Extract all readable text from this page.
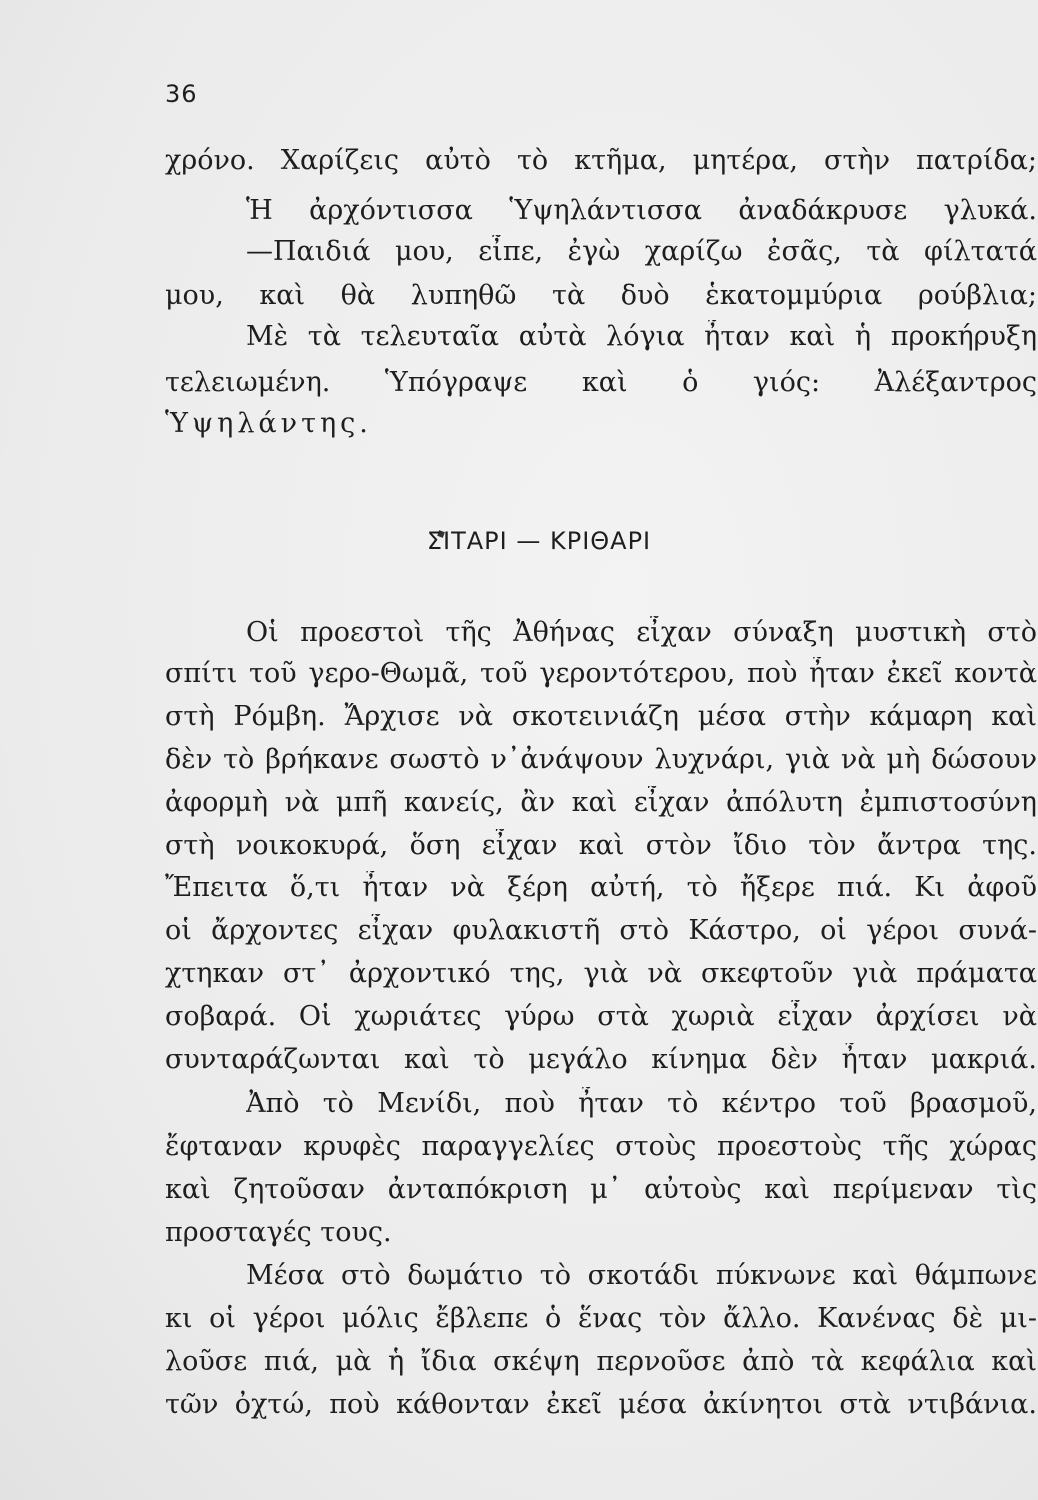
36
χρόνο. Χαρίζεις αὐτὸ τὸ κτῆμα, μητέρα, στὴν πατρίδα;
Ἡ ἀρχόντισσα Ὑψηλάντισσα ἀναδάκρυσε γλυκά.
—Παιδιά μου, εἶπε, ἐγὼ χαρίζω ἐσᾶς, τὰ φίλτατά
μου, καὶ θὰ λυπηθῶ τὰ δυὸ ἑκατομμύρια ρούβλια;
Μὲ τὰ τελευταῖα αὐτὰ λόγια ἦταν καὶ ἡ προκήρυξη
τελειωμένη. Ὑπόγραψε καὶ ὁ γιός: Ἀλέξαντρος
Ὑψηλάντης.
ΣΙΤΑΡΙ — ΚΡΙΘΑΡΙ
Οἱ προεστοὶ τῆς Ἀθήνας εἶχαν σύναξη μυστικὴ στὸ
σπίτι τοῦ γερο-Θωμᾶ, τοῦ γεροντότερου, ποὺ ἦταν ἐκεῖ κοντὰ
στὴ Ρόμβη. Ἄρχισε νὰ σκοτεινιάζη μέσα στὴν κάμαρη καὶ
δὲν τὸ βρήκανε σωστὸ ν᾽ἀνάψουν λυχνάρι, γιὰ νὰ μὴ δώσουν
ἀφορμὴ νὰ μπῆ κανείς, ἂν καὶ εἶχαν ἀπόλυτη ἐμπιστοσύνη
στὴ νοικοκυρά, ὅση εἶχαν καὶ στὸν ἴδιο τὸν ἄντρα της.
Ἔπειτα ὅ,τι ἦταν νὰ ξέρη αὐτή, τὸ ἤξερε πιά. Κι ἀφοῦ
οἱ ἄρχοντες εἶχαν φυλακιστῆ στὸ Κάστρο, οἱ γέροι συνά-
χτηκαν στ᾽ ἀρχοντικό της, γιὰ νὰ σκεφτοῦν γιὰ πράματα
σοβαρά. Οἱ χωριάτες γύρω στὰ χωριὰ εἶχαν ἀρχίσει νὰ
συνταράζωνται καὶ τὸ μεγάλο κίνημα δὲν ἦταν μακριά.
Ἀπὸ τὸ Μενίδι, ποὺ ἦταν τὸ κέντρο τοῦ βρασμοῦ,
ἔφταναν κρυφὲς παραγγελίες στοὺς προεστοὺς τῆς χώρας
καὶ ζητοῦσαν ἀνταπόκριση μ᾽ αὐτοὺς καὶ περίμεναν τὶς
προσταγές τους.
Μέσα στὸ δωμάτιο τὸ σκοτάδι πύκνωνε καὶ θάμπωνε
κι οἱ γέροι μόλις ἔβλεπε ὁ ἕνας τὸν ἄλλο. Κανένας δὲ μι-
λοῦσε πιά, μὰ ἡ ἴδια σκέψη περνοῦσε ἀπὸ τὰ κεφάλια καὶ
τῶν ὀχτώ, ποὺ κάθονταν ἐκεῖ μέσα ἀκίνητοι στὰ ντιβάνια.
